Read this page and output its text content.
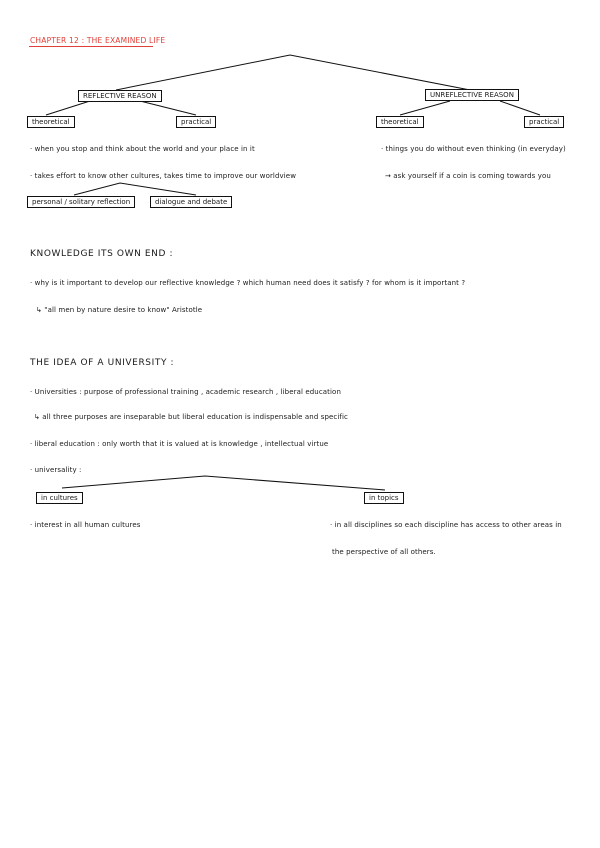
CHAPTER 12 : THE EXAMINED LIFE
REFLECTIVE REASON	UNREFLECTIVE REASON
theoretical	practical	theoretical	practical
· when you stop and think about the world and your place in it
· takes effort to know other cultures, takes time to improve our worldview
· things you do without even thinking (in everyday)
→ ask yourself if a coin is coming towards you
personal / solitary reflection	dialogue and debate
KNOWLEDGE ITS OWN END :
· why is it important to develop our reflective knowledge ? which human need does it satisfy ? for whom is it important ?
↳ "all men by nature desire to know" Aristotle
THE IDEA OF A UNIVERSITY :
· Universities : purpose of professional training , academic research , liberal education
↳ all three purposes are inseparable but liberal education is indispensable and specific
· liberal education : only worth that it is valued at is knowledge , intellectual virtue
· universality :
in cultures	in topics
· interest in all human cultures	· in all disciplines so each discipline has access to other areas in
the perspective of all others.
